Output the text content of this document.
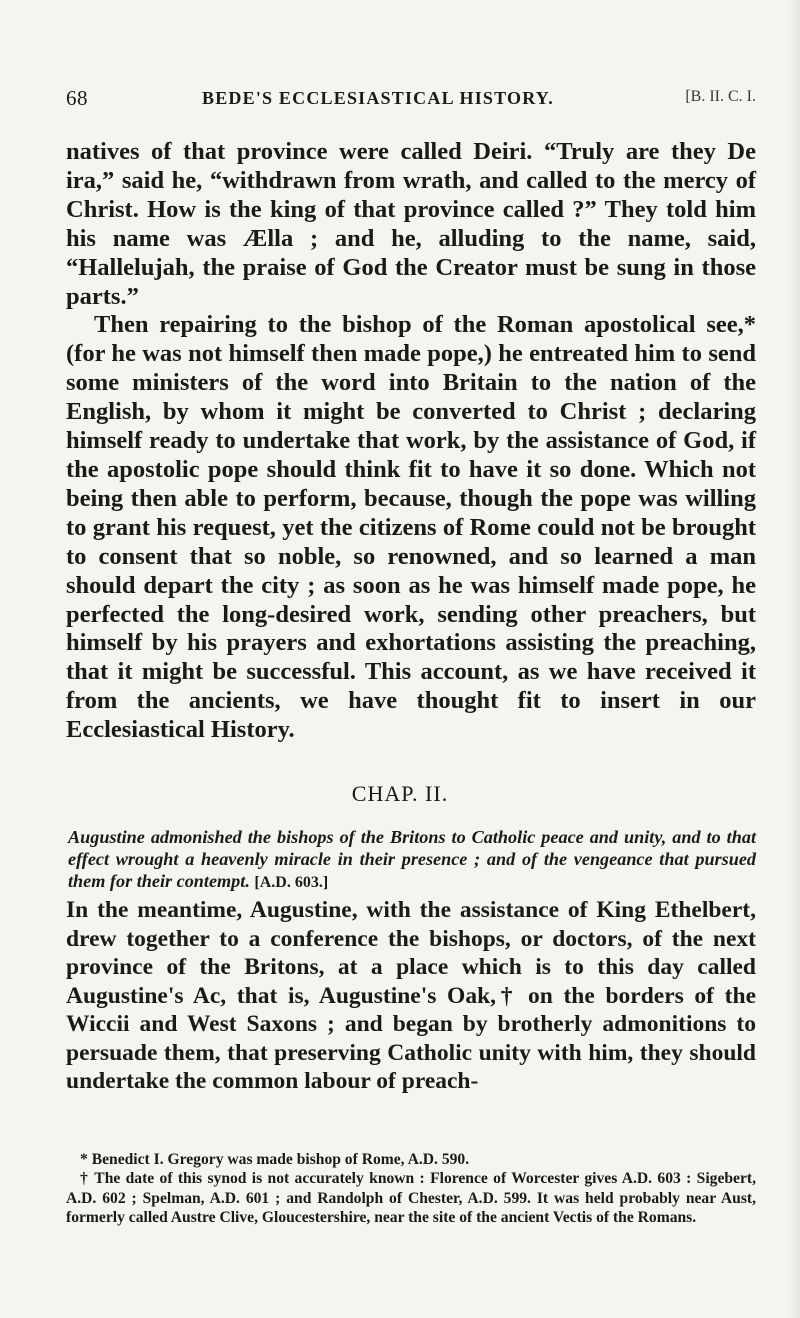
68	BEDE'S ECCLESIASTICAL HISTORY.	[B. II. C. I.

natives of that province were called Deiri. “Truly are they De ira,” said he, “withdrawn from wrath, and called to the mercy of Christ. How is the king of that province called ?” They told him his name was Ælla ; and he, alluding to the name, said, “Hallelujah, the praise of God the Creator must be sung in those parts.”

Then repairing to the bishop of the Roman apostolical see,* (for he was not himself then made pope,) he entreated him to send some ministers of the word into Britain to the nation of the English, by whom it might be converted to Christ ; declaring himself ready to undertake that work, by the assistance of God, if the apostolic pope should think fit to have it so done. Which not being then able to perform, because, though the pope was willing to grant his request, yet the citizens of Rome could not be brought to consent that so noble, so renowned, and so learned a man should depart the city ; as soon as he was himself made pope, he perfected the long-desired work, sending other preachers, but himself by his prayers and exhortations assisting the preaching, that it might be successful. This account, as we have received it from the ancients, we have thought fit to insert in our Ecclesiastical History.

CHAP. II.
Augustine admonished the bishops of the Britons to Catholic peace and unity, and to that effect wrought a heavenly miracle in their presence ; and of the vengeance that pursued them for their contempt. [A.D. 603.]
In the meantime, Augustine, with the assistance of King Ethelbert, drew together to a conference the bishops, or doctors, of the next province of the Britons, at a place which is to this day called Augustine's Ac, that is, Augustine's Oak,† on the borders of the Wiccii and West Saxons ; and began by brotherly admonitions to persuade them, that preserving Catholic unity with him, they should undertake the common labour of preach-

* Benedict I. Gregory was made bishop of Rome, A.D. 590.

† The date of this synod is not accurately known : Florence of Worcester gives A.D. 603 : Sigebert, A.D. 602 ; Spelman, A.D. 601 ; and Randolph of Chester, A.D. 599. It was held probably near Aust, formerly called Austre Clive, Gloucestershire, near the site of the ancient Vectis of the Romans.
